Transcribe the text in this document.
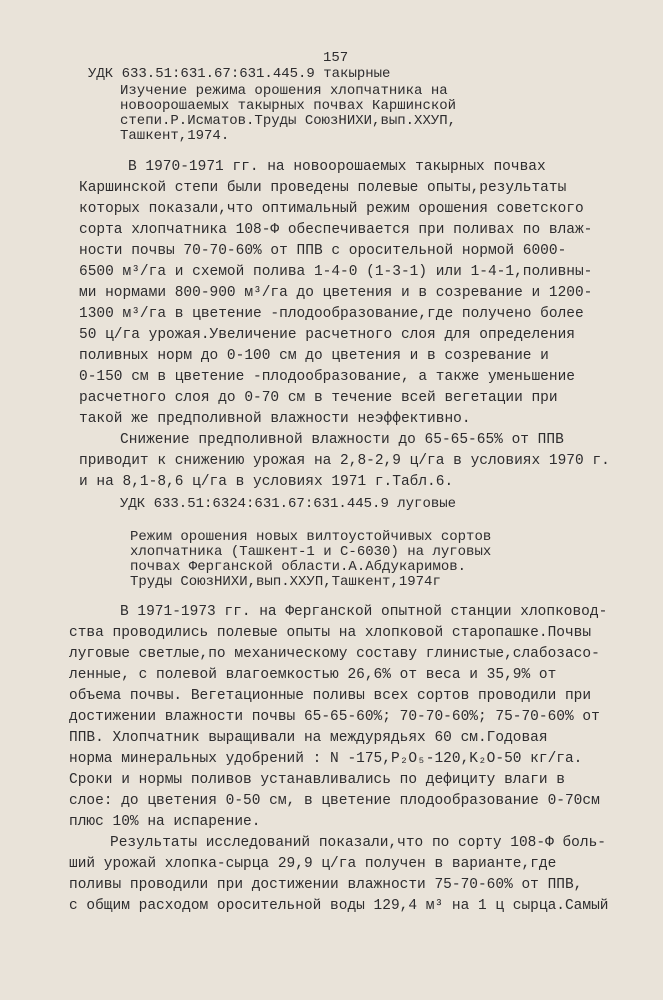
157
УДК 633.51:631.67:631.445.9 такырные
Изучение режима орошения хлопчатника на
новоорошаемых такырных почвах Каршинской
степи.Р.Исматов.Труды СоюзНИХИ,вып.ХХУП,
Ташкент,1974.
В 1970-1971 гг. на новоорошаемых такырных почвах
Каршинской степи были проведены полевые опыты,результаты
которых показали,что оптимальный режим орошения советского
сорта хлопчатника 108-Ф обеспечивается при поливах по влаж-
ности почвы 70-70-60% от ППВ с оросительной нормой 6000-
6500 м³/га и схемой полива 1-4-0 (1-3-1) или 1-4-1,поливны-
ми нормами 800-900 м³/га до цветения и в созревание и 1200-
1300 м³/га в цветение -плодообразование,где получено более
50 ц/га урожая.Увеличение расчетного слоя для определения
поливных норм до 0-100 см до цветения и в созревание и
0-150 см в цветение -плодообразование, а также уменьшение
расчетного слоя до 0-70 см в течение всей вегетации при
такой же предполивной влажности неэффективно.
Снижение предполивной влажности до 65-65-65% от ППВ
приводит к снижению урожая на 2,8-2,9 ц/га в условиях 1970 г.
и на 8,1-8,6 ц/га в условиях 1971 г.Табл.6.
УДК 633.51:6324:631.67:631.445.9 луговые
Режим орошения новых вилтоустойчивых сортов
хлопчатника (Ташкент-1 и С-6030) на луговых
почвах Ферганской области.А.Абдукаримов.
Труды СоюзНИХИ,вып.ХХУП,Ташкент,1974г
В 1971-1973 гг. на Ферганской опытной станции хлопковод-
ства проводились полевые опыты на хлопковой старопашке.Почвы
луговые светлые,по механическому составу глинистые,слабозасо-
ленные, с полевой влагоемкостью 26,6% от веса и 35,9% от
объема почвы. Вегетационные поливы всех сортов проводили при
достижении влажности почвы 65-65-60%; 70-70-60%; 75-70-60% от
ППВ. Хлопчатник выращивали на междурядьях 60 см.Годовая
норма минеральных удобрений : N -175,P₂O₅-120,K₂O-50 кг/га.
Сроки и нормы поливов устанавливались по дефициту влаги в
слое: до цветения 0-50 см, в цветение плодообразование 0-70см
плюс 10% на испарение.
Результаты исследований показали,что по сорту 108-Ф боль-
ший урожай хлопка-сырца 29,9 ц/га получен в варианте,где
поливы проводили при достижении влажности 75-70-60% от ППВ,
с общим расходом оросительной воды 129,4 м³ на 1 ц сырца.Самый
